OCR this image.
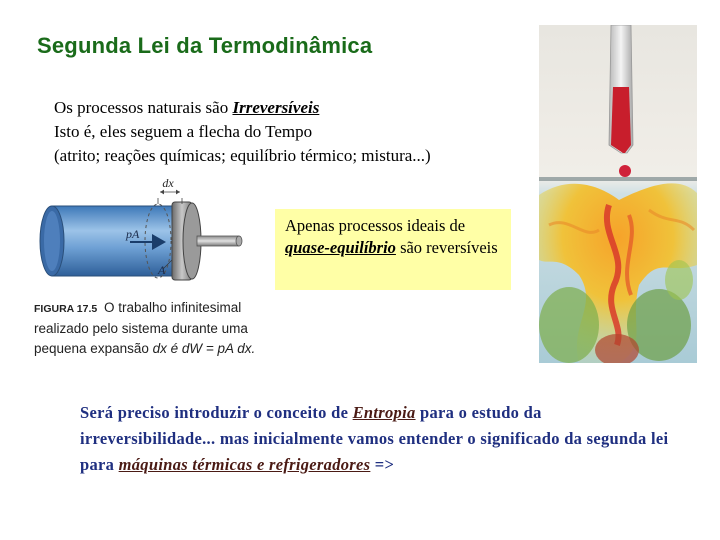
Segunda Lei da Termodinâmica
Os processos naturais são Irreversíveis
Isto é, eles seguem a flecha do Tempo
(atrito; reações químicas; equilíbrio térmico; mistura...)
dx
pA
A
FIGURA 17.5 O trabalho infinitesimal realizado pelo sistema durante uma pequena expansão dx é dW = pA dx.
Apenas processos ideais de quase-equilíbrio são reversíveis
Será preciso introduzir o conceito de Entropia para o estudo da irreversibilidade... mas inicialmente vamos entender o significado da segunda lei para máquinas térmicas e refrigeradores =>
